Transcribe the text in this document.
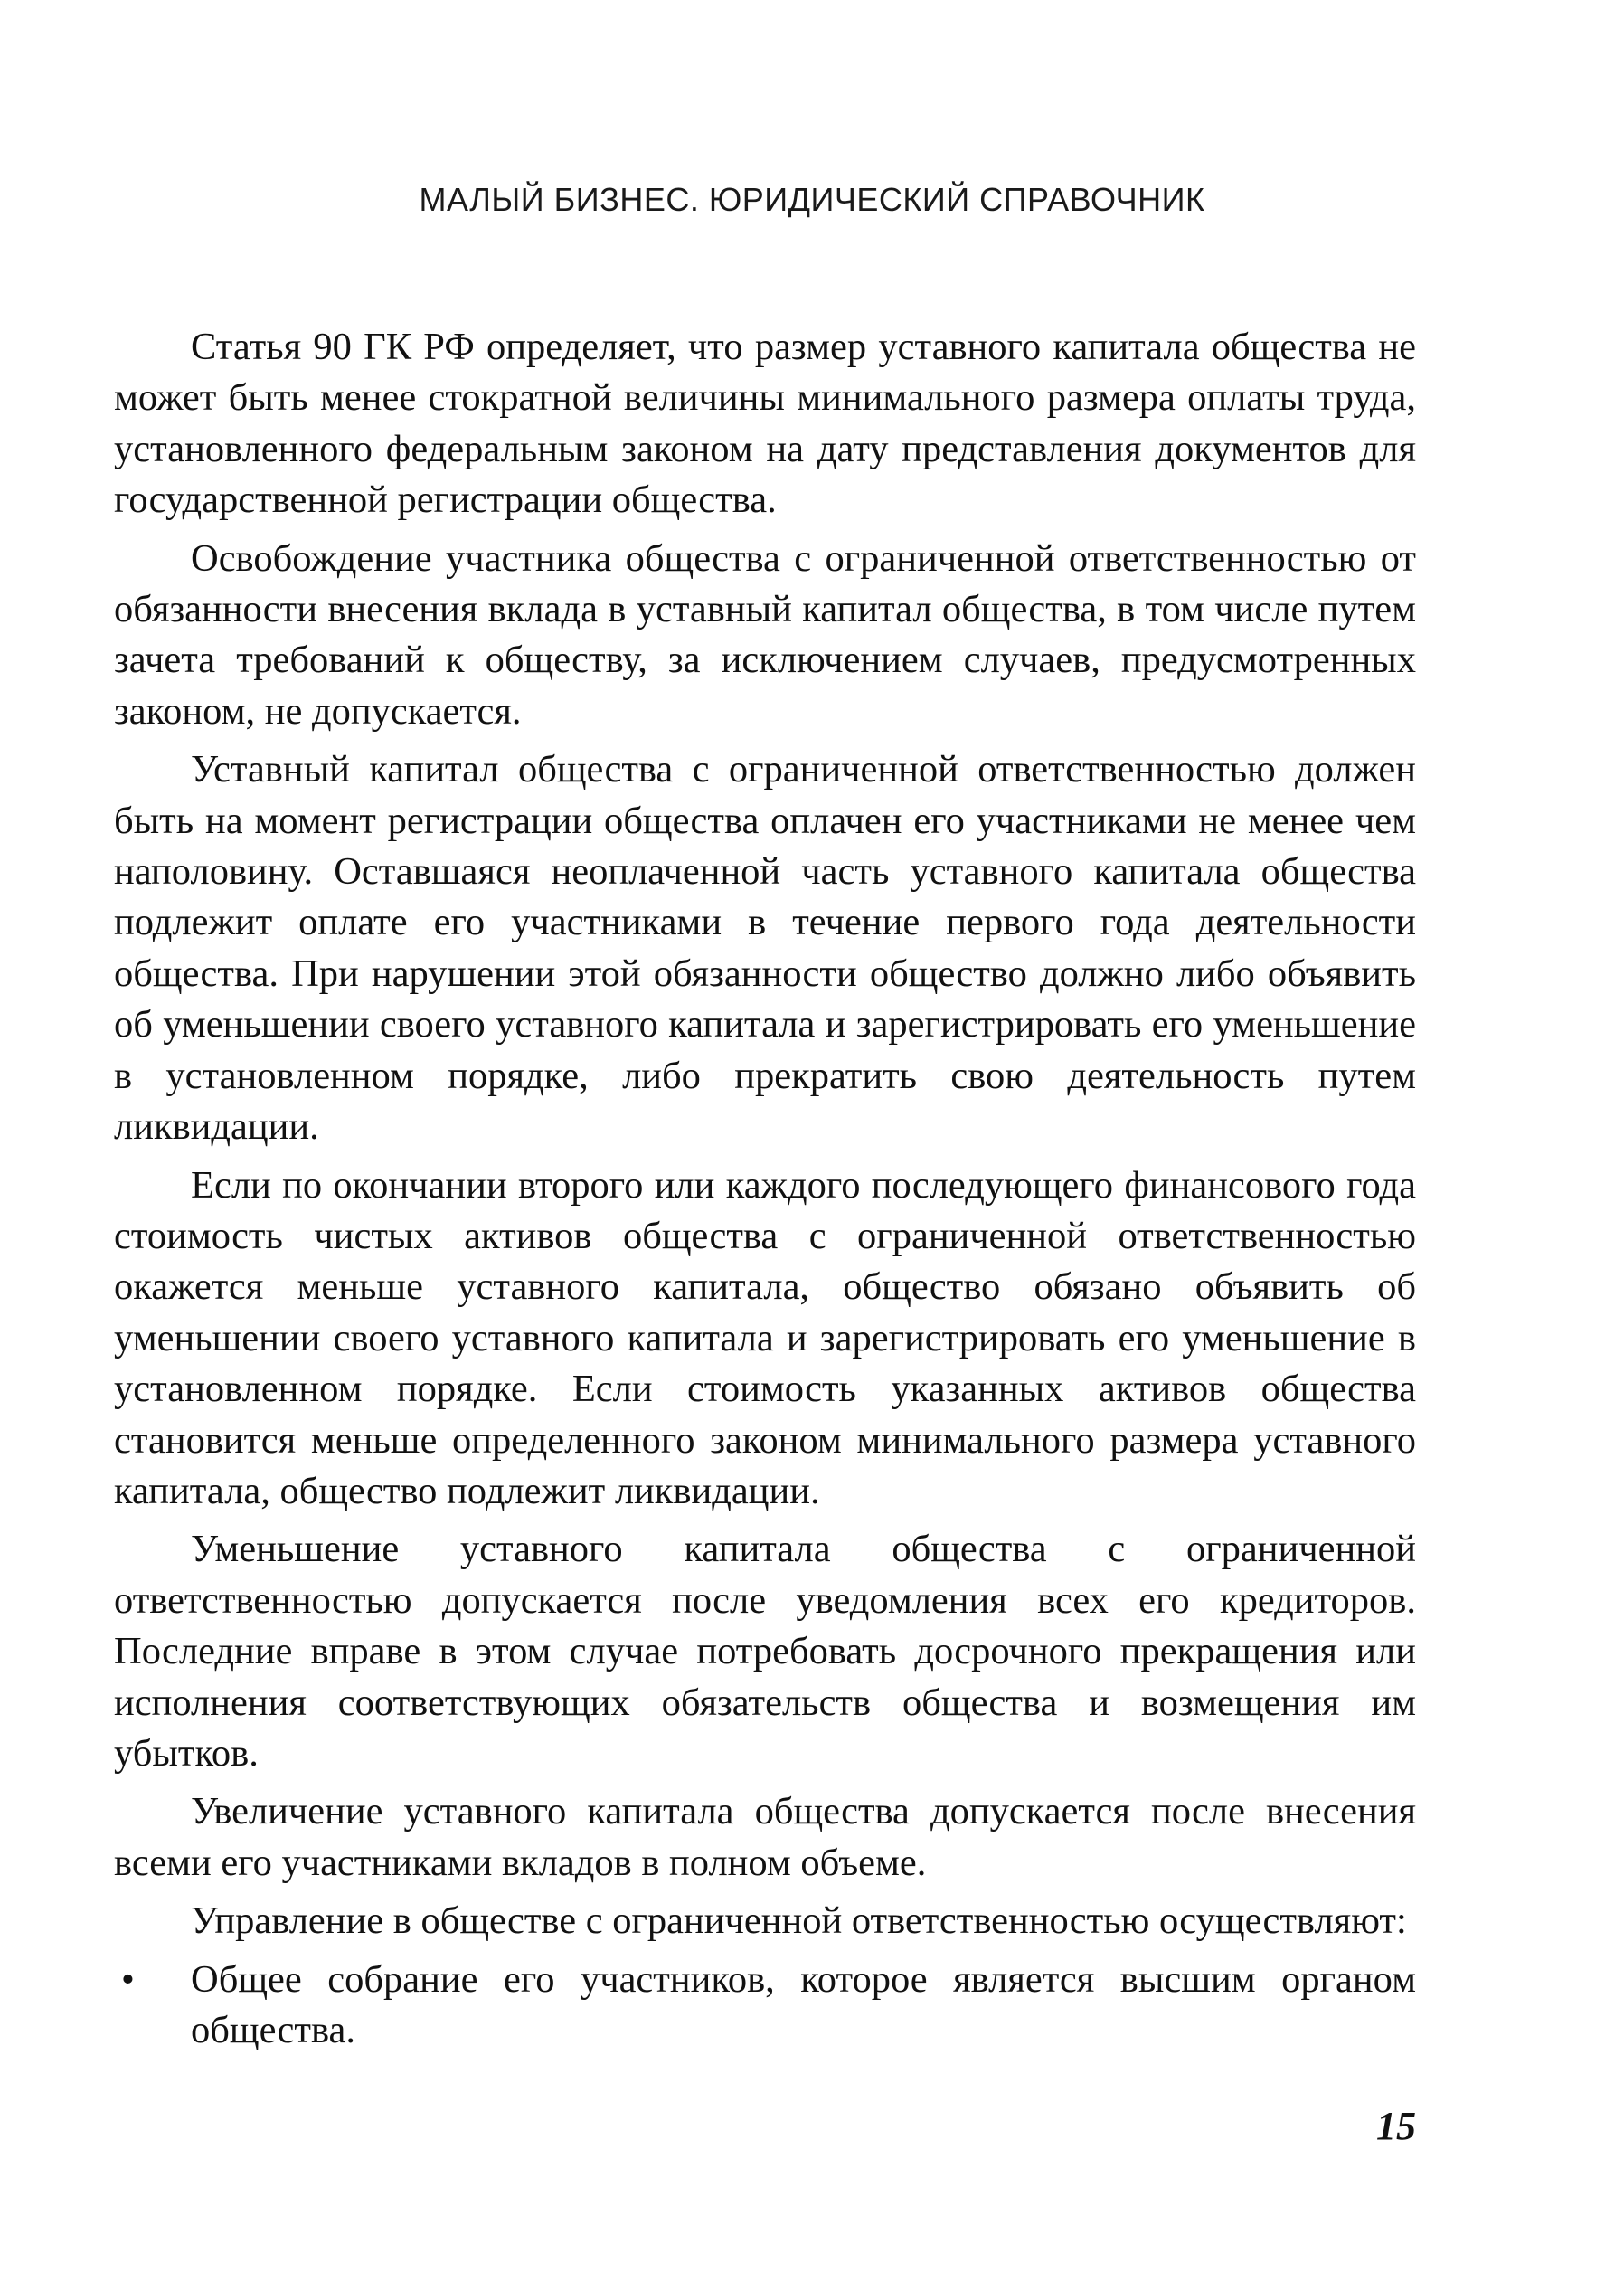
МАЛЫЙ БИЗНЕС. ЮРИДИЧЕСКИЙ СПРАВОЧНИК

Статья 90 ГК РФ определяет, что размер уставного капитала общества не может быть менее стократной величины минимального размера оплаты труда, установленного федеральным законом на дату представления документов для государственной регистрации общества.

Освобождение участника общества с ограниченной ответственностью от обязанности внесения вклада в уставный капитал общества, в том числе путем зачета требований к обществу, за исключением случаев, предусмотренных законом, не допускается.

Уставный капитал общества с ограниченной ответственностью должен быть на момент регистрации общества оплачен его участниками не менее чем наполовину. Оставшаяся неоплаченной часть уставного капитала общества подлежит оплате его участниками в течение первого года деятельности общества. При нарушении этой обязанности общество должно либо объявить об уменьшении своего уставного капитала и зарегистрировать его уменьшение в установленном порядке, либо прекратить свою деятельность путем ликвидации.

Если по окончании второго или каждого последующего финансового года стоимость чистых активов общества с ограниченной ответственностью окажется меньше уставного капитала, общество обязано объявить об уменьшении своего уставного капитала и зарегистрировать его уменьшение в установленном порядке. Если стоимость указанных активов общества становится меньше определенного законом минимального размера уставного капитала, общество подлежит ликвидации.

Уменьшение уставного капитала общества с ограниченной ответственностью допускается после уведомления всех его кредиторов. Последние вправе в этом случае потребовать досрочного прекращения или исполнения соответствующих обязательств общества и возмещения им убытков.

Увеличение уставного капитала общества допускается после внесения всеми его участниками вкладов в полном объеме.

Управление в обществе с ограниченной ответственностью осуществляют:

• Общее собрание его участников, которое является высшим органом общества.
15
